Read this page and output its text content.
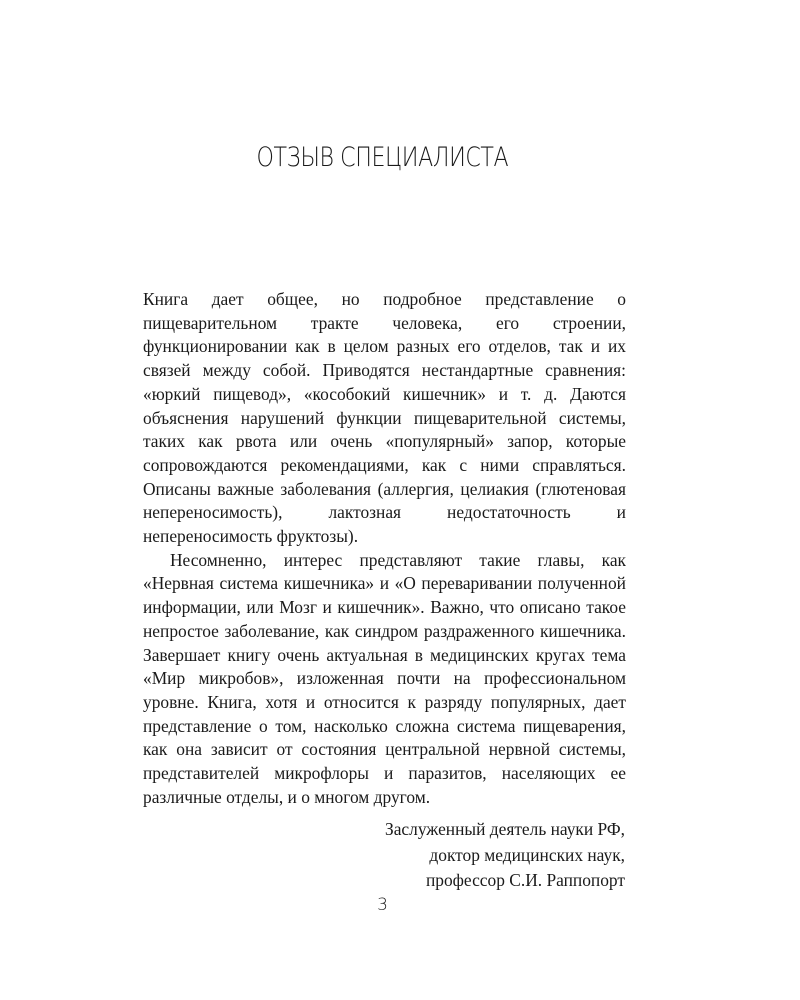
ОТЗЫВ СПЕЦИАЛИСТА

Книга дает общее, но подробное представление о пищеварительном тракте человека, его строении, функционировании как в целом разных его отделов, так и их связей между собой. Приводятся нестандартные сравнения: «юркий пищевод», «кособокий кишечник» и т. д. Даются объяснения нарушений функции пищеварительной системы, таких как рвота или очень «популярный» запор, которые сопровождаются рекомендациями, как с ними справляться. Описаны важные заболевания (аллергия, целиакия (глютеновая непереносимость), лактозная недостаточность и непереносимость фруктозы).

Несомненно, интерес представляют такие главы, как «Нервная система кишечника» и «О переваривании полученной информации, или Мозг и кишечник». Важно, что описано такое непростое заболевание, как синдром раздраженного кишечника. Завершает книгу очень актуальная в медицинских кругах тема «Мир микробов», изложенная почти на профессиональном уровне. Книга, хотя и относится к разряду популярных, дает представление о том, насколько сложна система пищеварения, как она зависит от состояния центральной нервной системы, представителей микрофлоры и паразитов, населяющих ее различные отделы, и о многом другом.

Заслуженный деятель науки РФ,
доктор медицинских наук,
профессор С.И. Раппопорт
3
